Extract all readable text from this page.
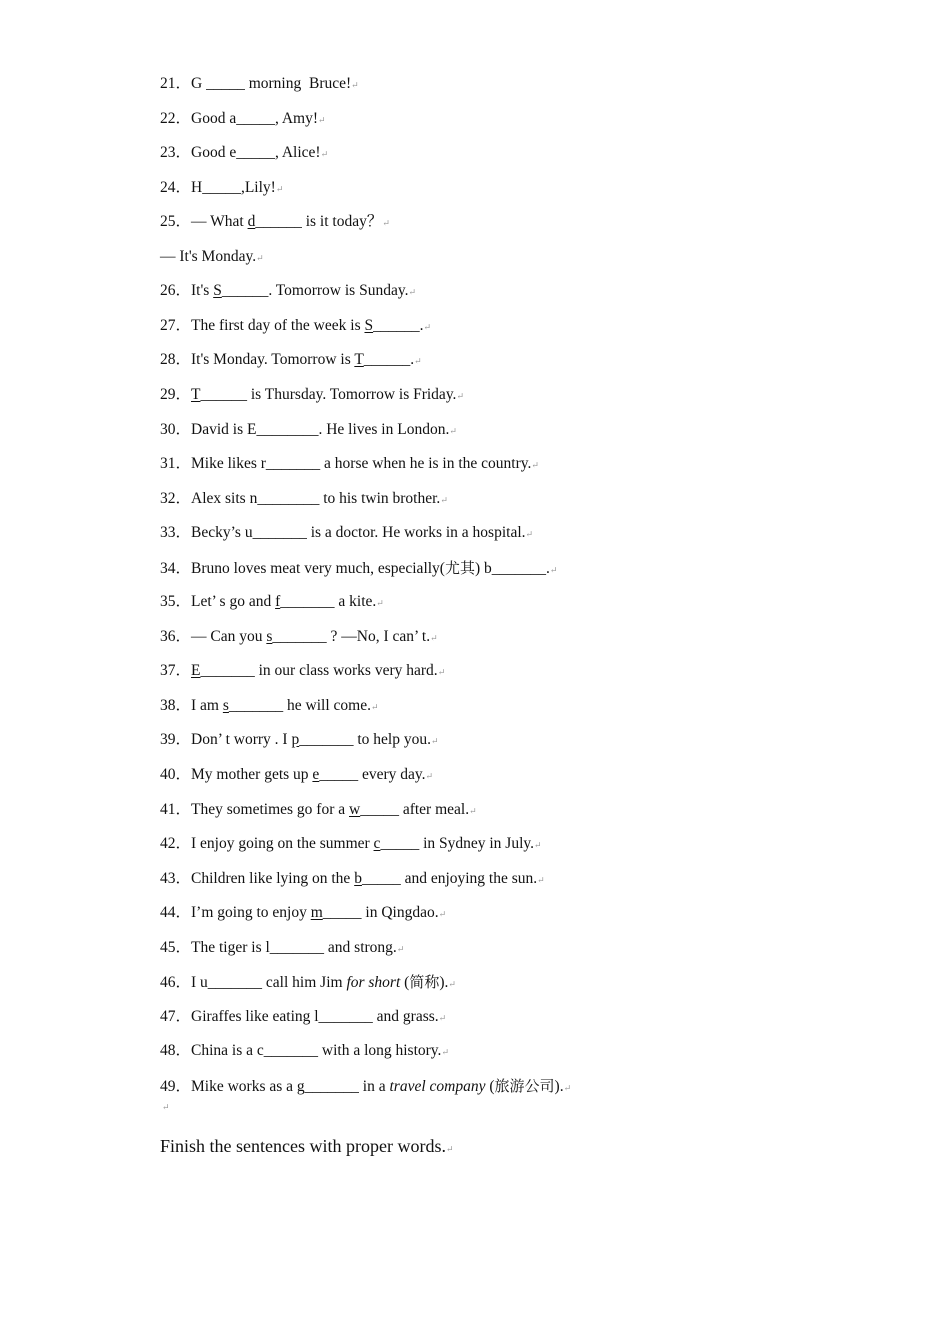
21．G _____ morning  Bruce!↵
22．Good a_____, Amy!↵
23．Good e_____, Alice!↵
24．H_____,Lily!↵
25．— What d______ is it today？↵
— It's Monday.↵
26．It's S______. Tomorrow is Sunday.↵
27．The first day of the week is S______.↵
28．It's Monday. Tomorrow is T______.↵
29．T______ is Thursday. Tomorrow is Friday.↵
30．David is E________. He lives in London.↵
31．Mike likes r_______ a horse when he is in the country.↵
32．Alex sits n________ to his twin brother.↵
33．Becky’s u_______ is a doctor. He works in a hospital.↵
34．Bruno loves meat very much, especially(尤其) b_______.↵
35．Let’ s go and f_______ a kite.↵
36．— Can you s_______ ? —No, I can’ t.↵
37．E_______ in our class works very hard.↵
38．I am s_______ he will come.↵
39．Don’ t worry . I p_______ to help you.↵
40．My mother gets up e_____ every day.↵
41．They sometimes go for a w_____ after meal.↵
42．I enjoy going on the summer c_____ in Sydney in July.↵
43．Children like lying on the b_____ and enjoying the sun.↵
44．I’m going to enjoy m_____ in Qingdao.↵
45．The tiger is l_______ and strong.↵
46．I u_______ call him Jim for short (简称).↵
47．Giraffes like eating l_______ and grass.↵
48．China is a c_______ with a long history.↵
49．Mike works as a g_______ in a travel company (旅游公司).↵
↵
Finish the sentences with proper words.↵
